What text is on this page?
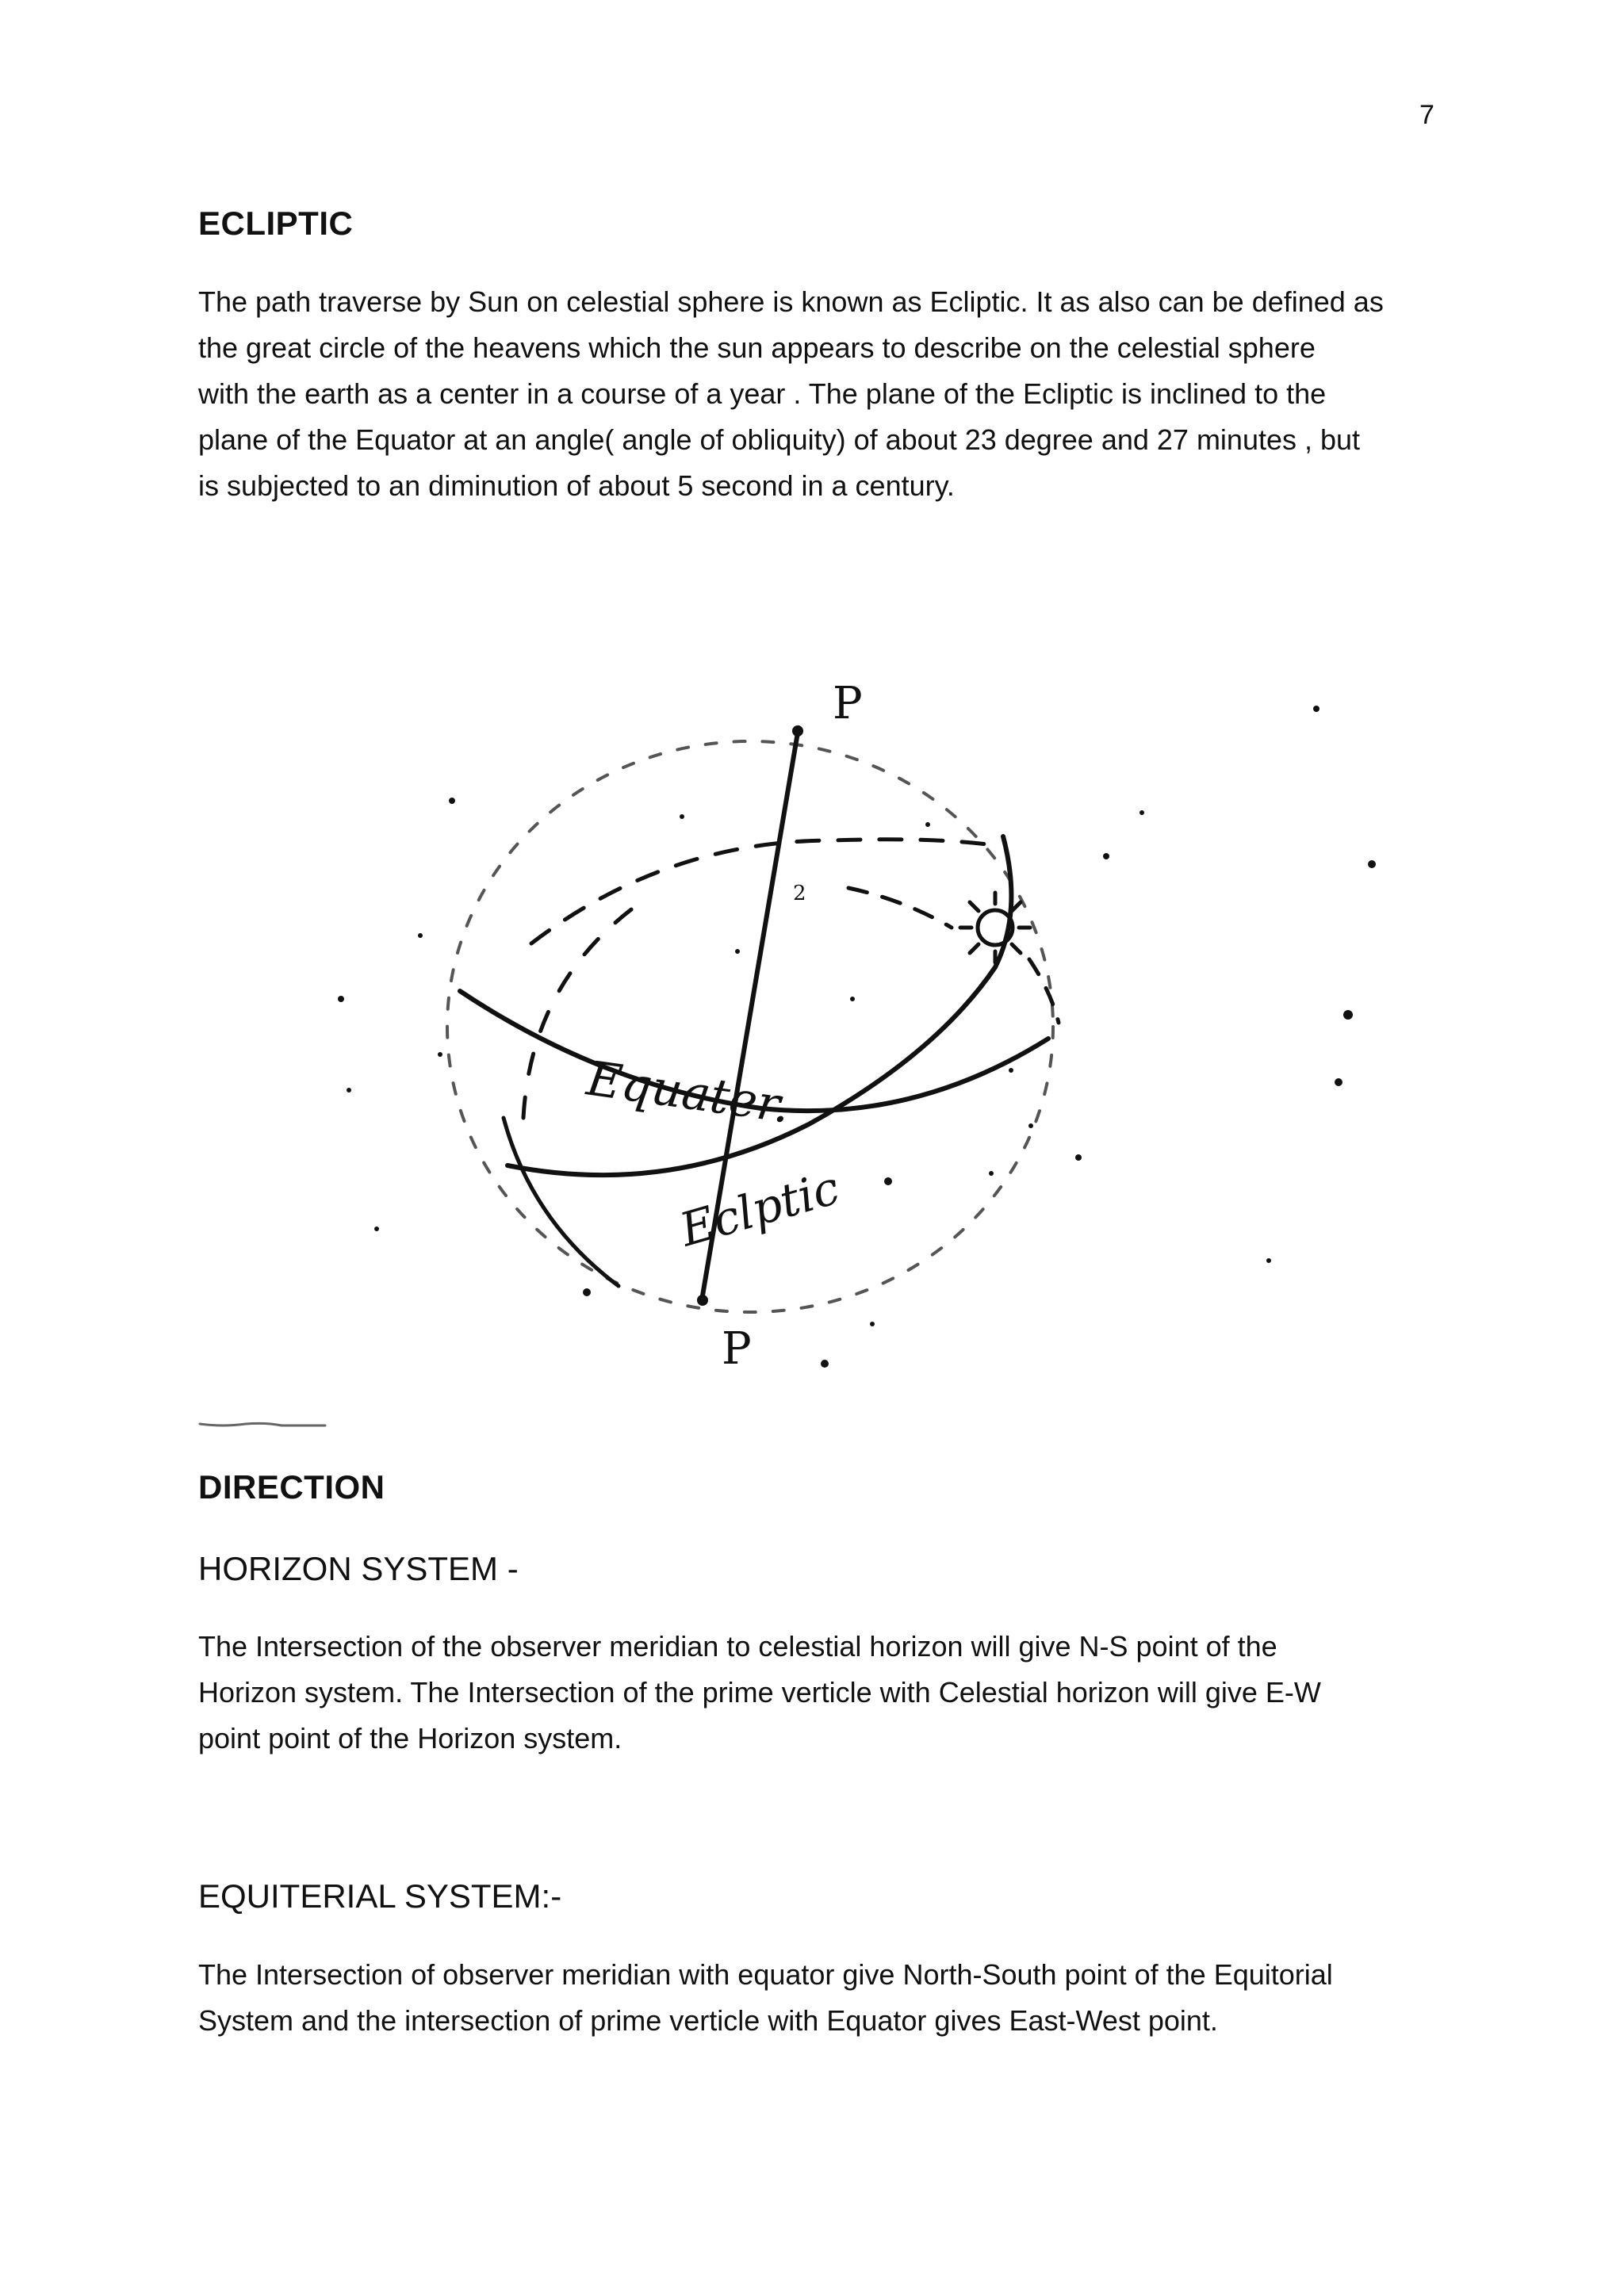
7
ECLIPTIC
The path traverse by Sun on celestial sphere is known as Ecliptic. It as also can be defined as
the great circle of the heavens which the sun appears to describe on the celestial sphere
with the earth as a center in a course of a year . The plane of the Ecliptic is inclined to the
plane of the Equator at an angle( angle of obliquity) of about 23 degree and 27 minutes , but
is subjected to an diminution of about 5 second in a century.
P
P
2
Equater.
Eclptic
DIRECTION
HORIZON SYSTEM -
The Intersection of the observer meridian to celestial horizon will give N-S point of the
Horizon system. The Intersection of the prime verticle with Celestial horizon will give E-W
point point of the Horizon system.
EQUITERIAL SYSTEM:-
The Intersection of observer meridian with equator give North-South point of the Equitorial
System and the intersection of prime verticle with Equator gives East-West point.
